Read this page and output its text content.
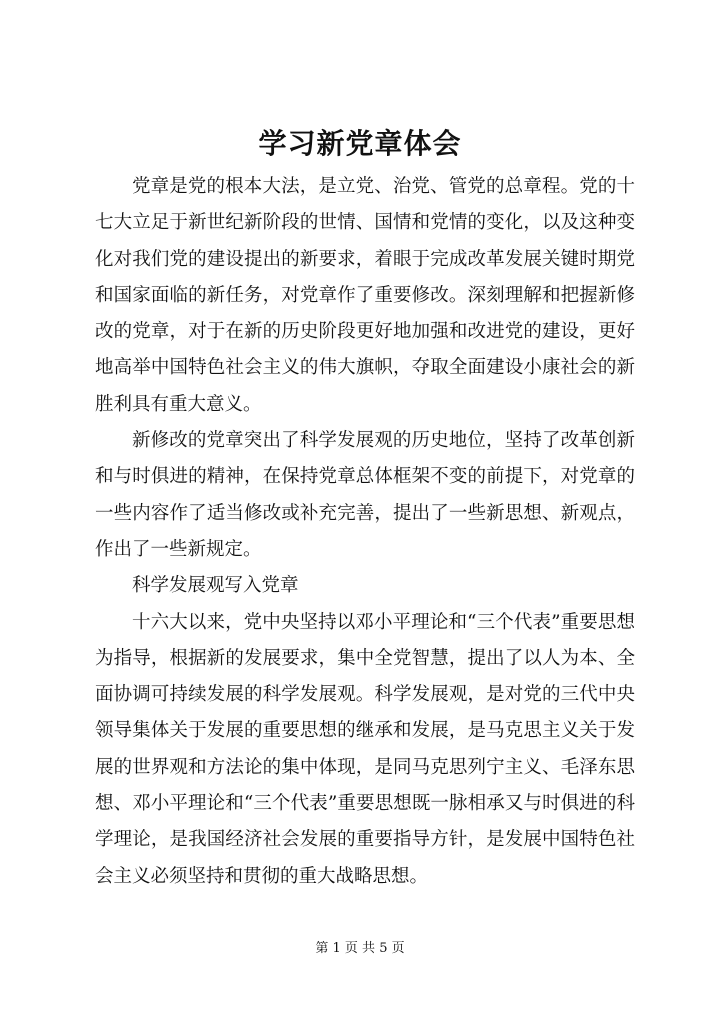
学习新党章体会

党章是党的根本大法，是立党、治党、管党的总章程。党的十七大立足于新世纪新阶段的世情、国情和党情的变化，以及这种变化对我们党的建设提出的新要求，着眼于完成改革发展关键时期党和国家面临的新任务，对党章作了重要修改。深刻理解和把握新修改的党章，对于在新的历史阶段更好地加强和改进党的建设，更好地高举中国特色社会主义的伟大旗帜，夺取全面建设小康社会的新胜利具有重大意义。

新修改的党章突出了科学发展观的历史地位，坚持了改革创新和与时俱进的精神，在保持党章总体框架不变的前提下，对党章的一些内容作了适当修改或补充完善，提出了一些新思想、新观点，作出了一些新规定。

科学发展观写入党章

十六大以来，党中央坚持以邓小平理论和“三个代表”重要思想为指导，根据新的发展要求，集中全党智慧，提出了以人为本、全面协调可持续发展的科学发展观。科学发展观，是对党的三代中央领导集体关于发展的重要思想的继承和发展，是马克思主义关于发展的世界观和方法论的集中体现，是同马克思列宁主义、毛泽东思想、邓小平理论和“三个代表”重要思想既一脉相承又与时俱进的科学理论，是我国经济社会发展的重要指导方针，是发展中国特色社会主义必须坚持和贯彻的重大战略思想。

第 1 页 共 5 页
